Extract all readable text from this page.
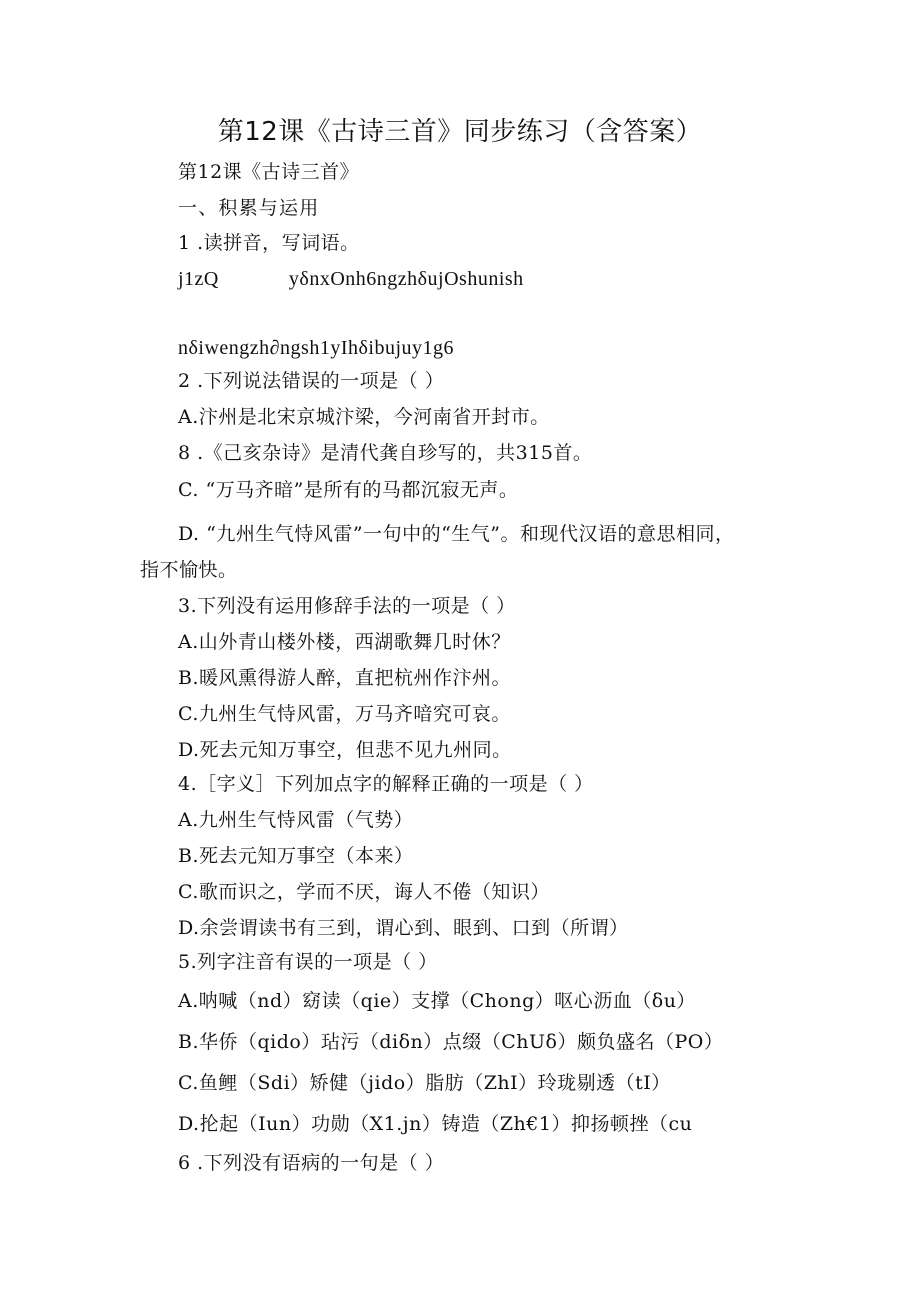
第12课《古诗三首》同步练习（含答案）
第12课《古诗三首》
一、积累与运用
1 .读拼音，写词语。
j1zQ	yδnxOnh6ngzhδujOshunish
nδiwengzh∂ngsh1yIhδibujuy1g6
2 .下列说法错误的一项是（ ）
A.汴州是北宋京城汴梁，今河南省开封市。
8 .《己亥杂诗》是清代龚自珍写的，共315首。
C. “万马齐暗”是所有的马都沉寂无声。
D. “九州生气恃风雷”一句中的“生气”。和现代汉语的意思相同，
指不愉快。
3.下列没有运用修辞手法的一项是（ ）
A.山外青山楼外楼，西湖歌舞几时休？
B.暖风熏得游人醉，直把杭州作汴州。
C.九州生气恃风雷，万马齐喑究可哀。
D.死去元知万事空，但悲不见九州同。
4.［字义］下列加点字的解释正确的一项是（ ）
A.九州生气恃风雷（气势）
B.死去元知万事空（本来）
C.歌而识之，学而不厌，诲人不倦（知识）
D.余尝谓读书有三到，谓心到、眼到、口到（所谓）
5.列字注音有误的一项是（ ）
A.呐喊（nd）窈读（qie）支撑（Chong）呕心沥血（δu）
B.华侨（qido）玷污（diδn）点缀（ChUδ）颇负盛名（PO）
C.鱼鲤（Sdi）矫健（jido）脂肪（ZhI）玲珑剔透（tI）
D.抡起（Iun）功勋（X1.jn）铸造（Zh€1）抑扬顿挫（cu
6 .下列没有语病的一句是（ ）
